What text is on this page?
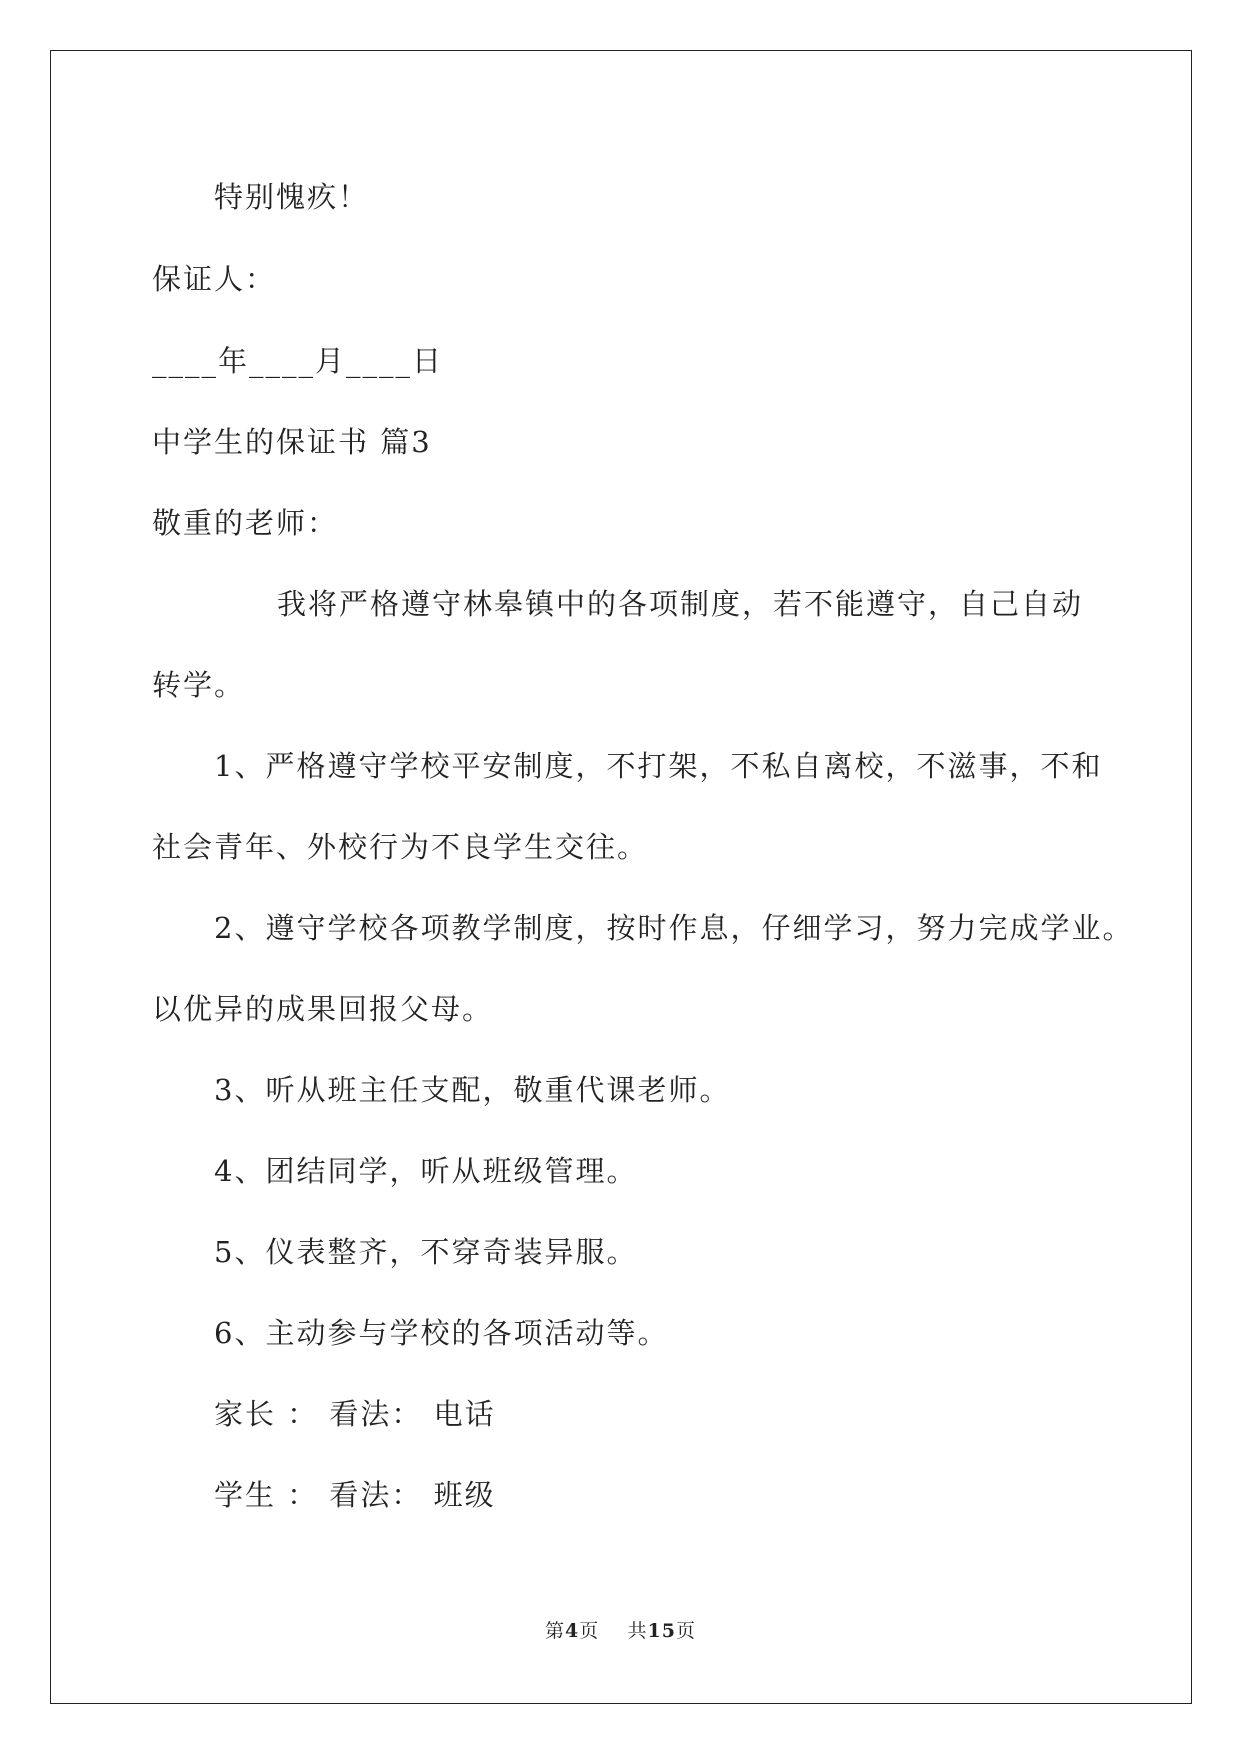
特别愧疚！

保证人：

____年____月____日

中学生的保证书 篇3

敬重的老师：

我将严格遵守林皋镇中的各项制度，若不能遵守，自己自动

转学。

1、严格遵守学校平安制度，不打架，不私自离校，不滋事，不和

社会青年、外校行为不良学生交往。

2、遵守学校各项教学制度，按时作息，仔细学习，努力完成学业。

以优异的成果回报父母。

3、听从班主任支配，敬重代课老师。

4、团结同学，听从班级管理。

5、仪表整齐，不穿奇装异服。

6、主动参与学校的各项活动等。

家长 ： 看法： 电话

学生 ： 看法： 班级

第4页 共15页
